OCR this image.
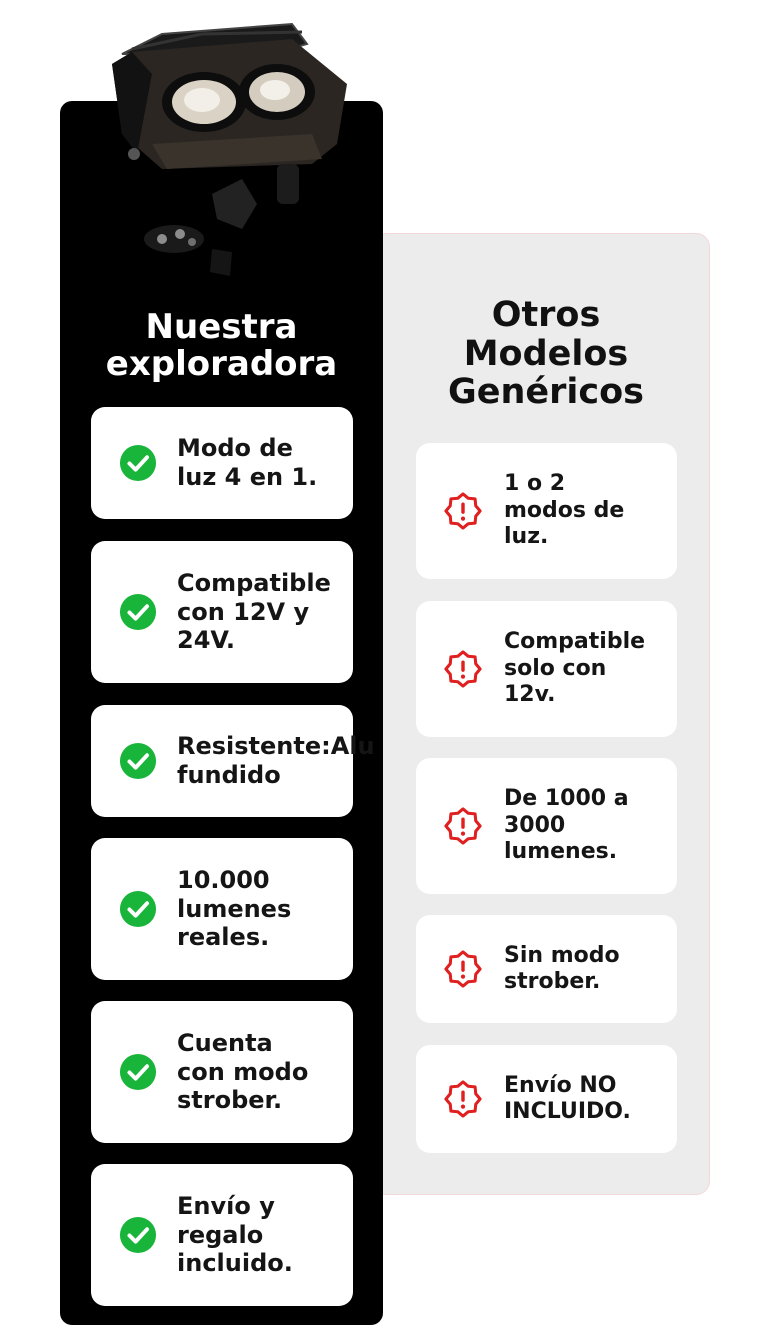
Nuestra
exploradora
Otros
Modelos
Genéricos
Modo de
luz 4 en 1.
Compatible
con 12V y
24V.
Resistente:Alu
fundido
10.000
lumenes
reales.
Cuenta
con modo
strober.
Envío y
regalo
incluido.
1 o 2
modos de
luz.
Compatible
solo con
12v.
De 1000 a
3000
lumenes.
Sin modo
strober.
Envío NO
INCLUIDO.
